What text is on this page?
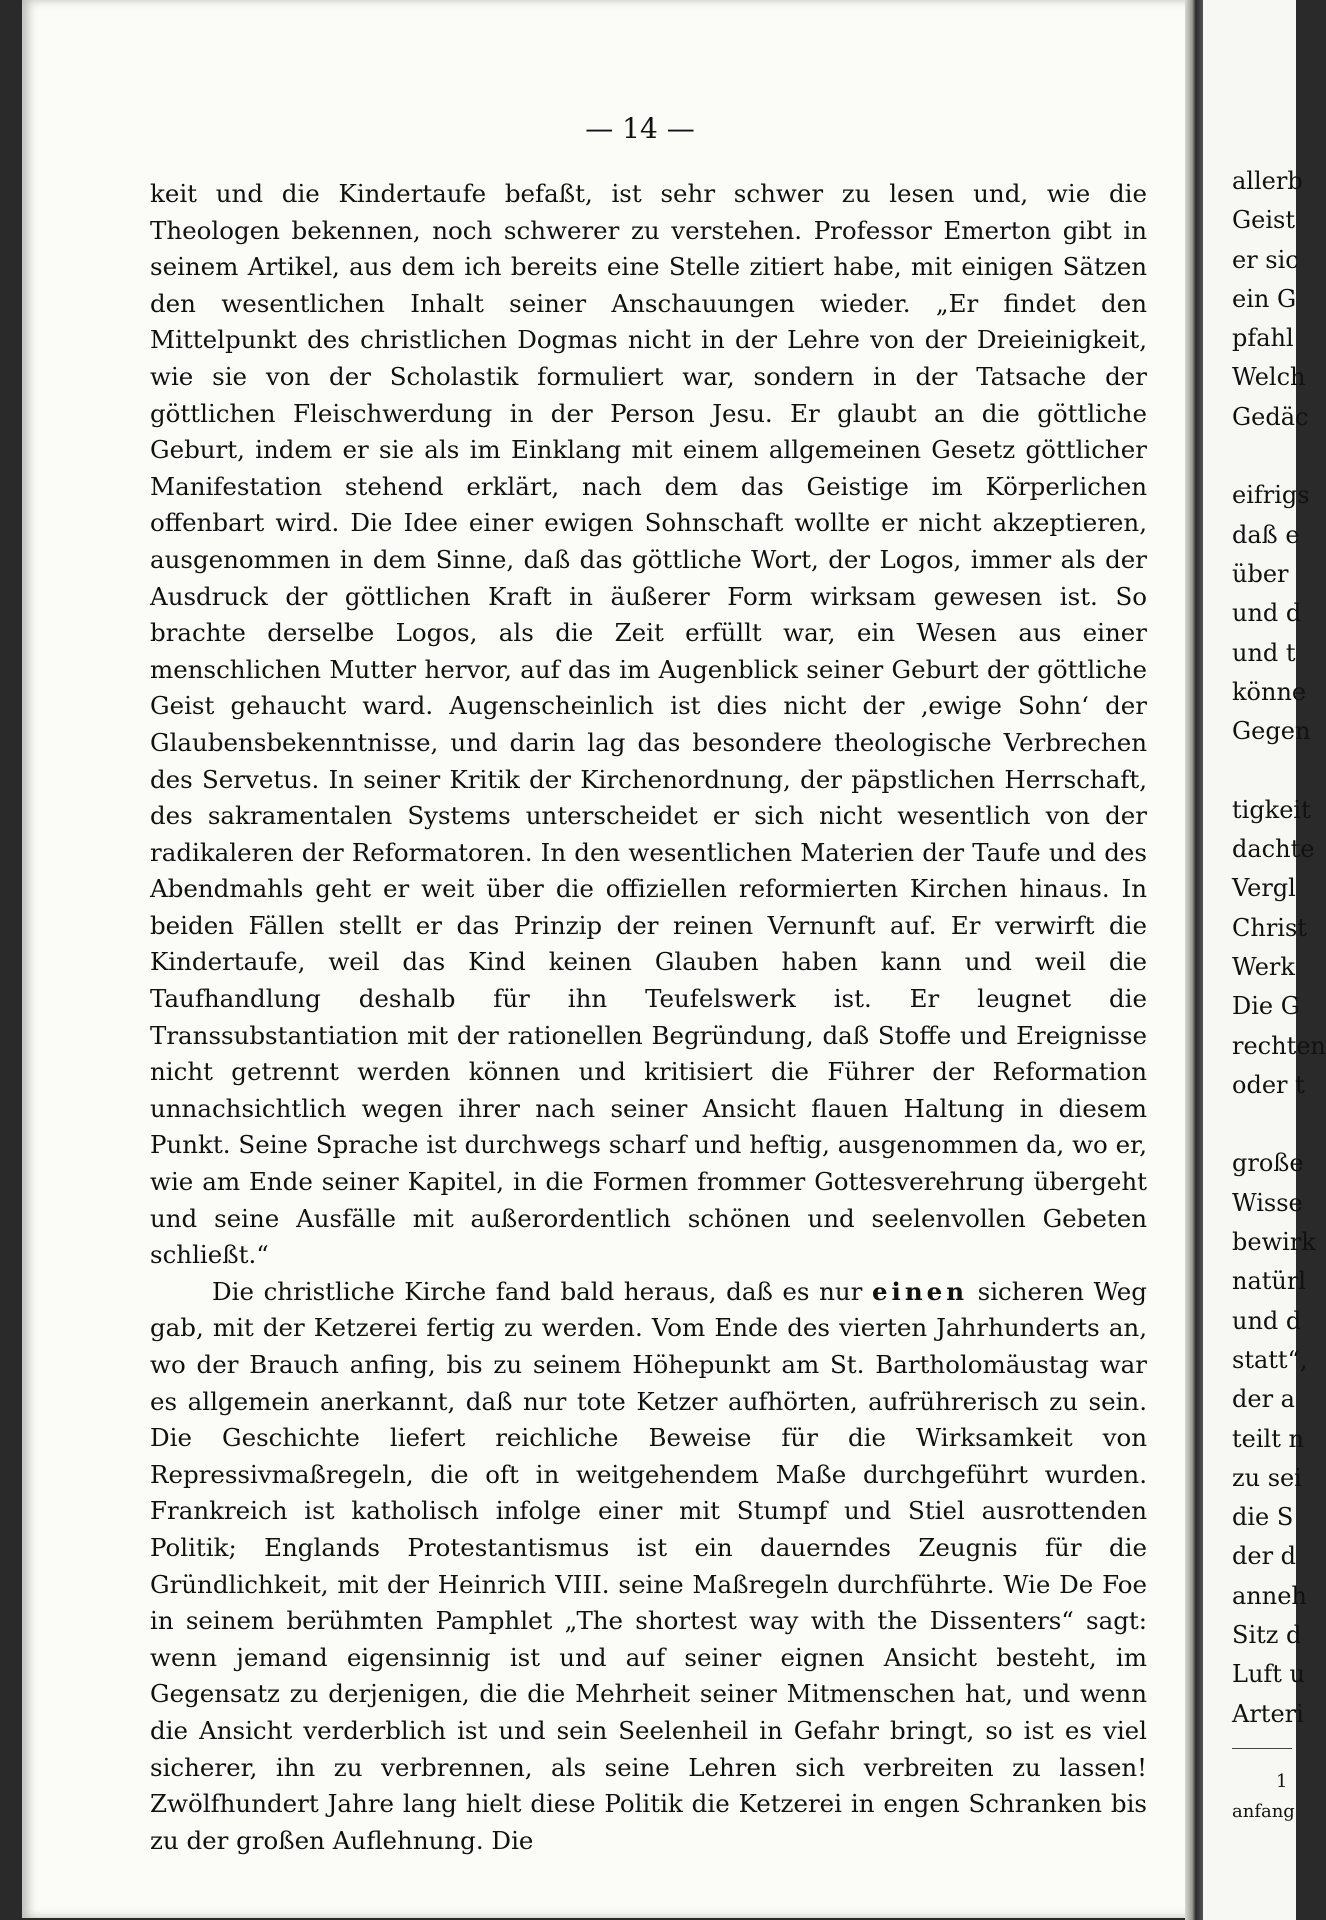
— 14 —

keit und die Kindertaufe befaßt, ist sehr schwer zu lesen und, wie die Theologen bekennen, noch schwerer zu verstehen. Professor Emerton gibt in seinem Artikel, aus dem ich bereits eine Stelle zitiert habe, mit einigen Sätzen den wesentlichen Inhalt seiner Anschauungen wieder. „Er findet den Mittelpunkt des christlichen Dogmas nicht in der Lehre von der Dreieinigkeit, wie sie von der Scholastik formuliert war, sondern in der Tatsache der göttlichen Fleischwerdung in der Person Jesu. Er glaubt an die göttliche Geburt, indem er sie als im Einklang mit einem allgemeinen Gesetz göttlicher Manifestation stehend erklärt, nach dem das Geistige im Körperlichen offenbart wird. Die Idee einer ewigen Sohnschaft wollte er nicht akzeptieren, ausgenommen in dem Sinne, daß das göttliche Wort, der Logos, immer als der Ausdruck der göttlichen Kraft in äußerer Form wirksam gewesen ist. So brachte derselbe Logos, als die Zeit erfüllt war, ein Wesen aus einer menschlichen Mutter hervor, auf das im Augenblick seiner Geburt der göttliche Geist gehaucht ward. Augenscheinlich ist dies nicht der ‚ewige Sohn‘ der Glaubensbekenntnisse, und darin lag das besondere theologische Verbrechen des Servetus. In seiner Kritik der Kirchenordnung, der päpstlichen Herrschaft, des sakramentalen Systems unterscheidet er sich nicht wesentlich von der radikaleren der Reformatoren. In den wesentlichen Materien der Taufe und des Abendmahls geht er weit über die offiziellen reformierten Kirchen hinaus. In beiden Fällen stellt er das Prinzip der reinen Vernunft auf. Er verwirft die Kindertaufe, weil das Kind keinen Glauben haben kann und weil die Taufhandlung deshalb für ihn Teufelswerk ist. Er leugnet die Transsubstantiation mit der rationellen Begründung, daß Stoffe und Ereignisse nicht getrennt werden können und kritisiert die Führer der Reformation unnachsichtlich wegen ihrer nach seiner Ansicht flauen Haltung in diesem Punkt. Seine Sprache ist durchwegs scharf und heftig, ausgenommen da, wo er, wie am Ende seiner Kapitel, in die Formen frommer Gottesverehrung übergeht und seine Ausfälle mit außerordentlich schönen und seelenvollen Gebeten schließt.“

Die christliche Kirche fand bald heraus, daß es nur einen sicheren Weg gab, mit der Ketzerei fertig zu werden. Vom Ende des vierten Jahrhunderts an, wo der Brauch anfing, bis zu seinem Höhepunkt am St. Bartholomäustag war es allgemein anerkannt, daß nur tote Ketzer aufhörten, aufrührerisch zu sein. Die Geschichte liefert reichliche Beweise für die Wirksamkeit von Repressivmaßregeln, die oft in weitgehendem Maße durchgeführt wurden. Frankreich ist katholisch infolge einer mit Stumpf und Stiel ausrottenden Politik; Englands Protestantismus ist ein dauerndes Zeugnis für die Gründlichkeit, mit der Heinrich VIII. seine Maßregeln durchführte. Wie De Foe in seinem berühmten Pamphlet „The shortest way with the Dissenters“ sagt: wenn jemand eigensinnig ist und auf seiner eignen Ansicht besteht, im Gegensatz zu derjenigen, die die Mehrheit seiner Mitmenschen hat, und wenn die Ansicht verderblich ist und sein Seelenheil in Gefahr bringt, so ist es viel sicherer, ihn zu verbrennen, als seine Lehren sich verbreiten zu lassen! Zwölfhundert Jahre lang hielt diese Politik die Ketzerei in engen Schranken bis zu der großen Auflehnung. Die

allerb
Geist
er sic
ein G
pfahl
Welch
Gedäc
eifrigs
daß e
über
und d
und t
könne
Gegen
tigkeit
dachte
Vergl
Christ
Werk
Die G
rechten
oder t
große
Wisse
bewirk
natürl
und d
statt“,
der a
teilt n
zu sei
die S
der d
anneh
Sitz d
Luft u
Arteri
1
anfang
